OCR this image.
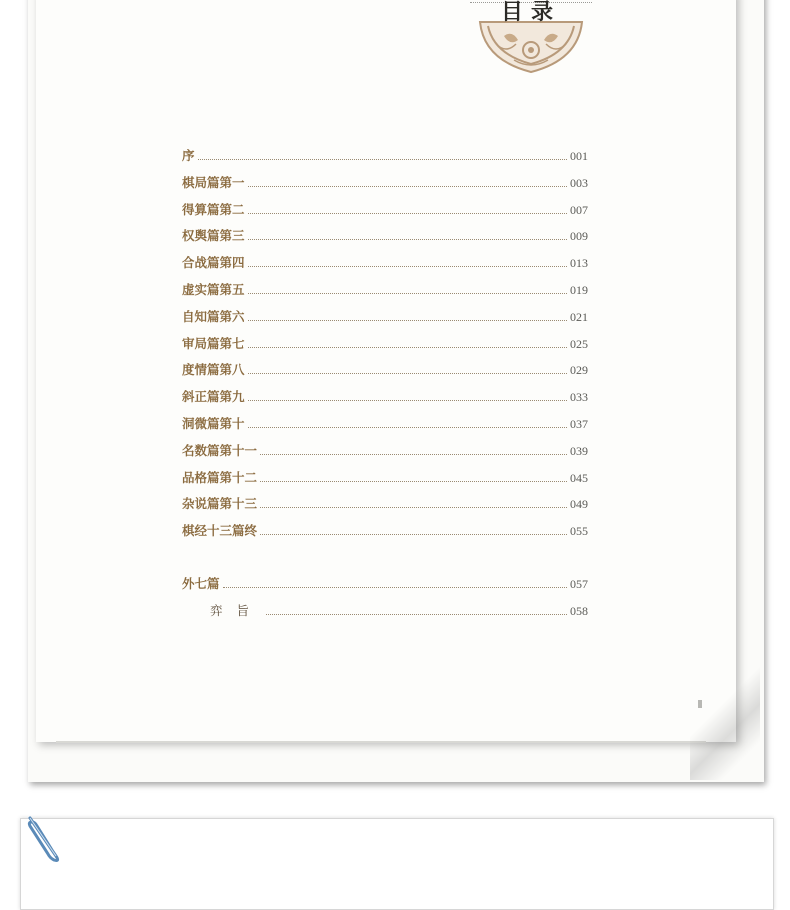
目录
序	001
棋局篇第一	003
得算篇第二	007
权舆篇第三	009
合战篇第四	013
虚实篇第五	019
自知篇第六	021
审局篇第七	025
度情篇第八	029
斜正篇第九	033
洞微篇第十	037
名数篇第十一	039
品格篇第十二	045
杂说篇第十三	049
棋经十三篇终	055
外七篇	057
弈旨	058
